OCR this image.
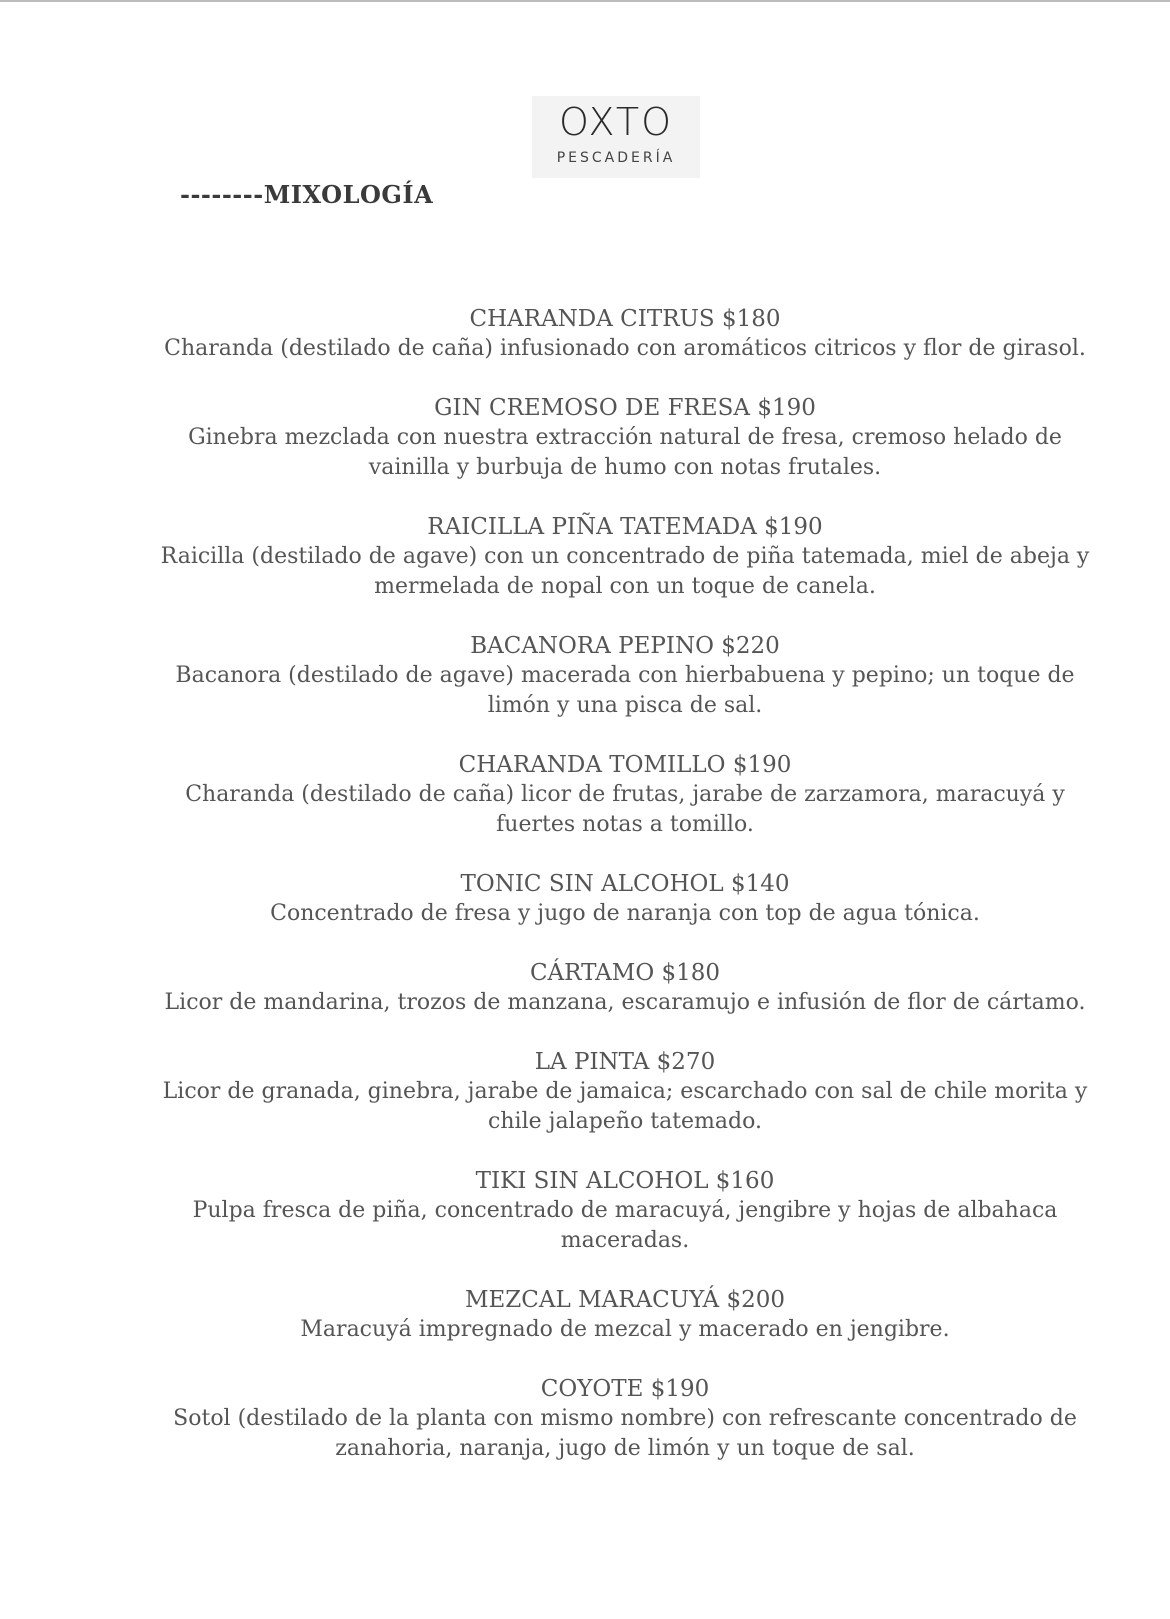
OXTO
PESCADERÍA
--------MIXOLOGÍA
CHARANDA CITRUS $180
Charanda (destilado de caña) infusionado con aromáticos citricos y flor de girasol.
GIN CREMOSO DE FRESA $190
Ginebra mezclada con nuestra extracción natural de fresa, cremoso helado de vainilla y burbuja de humo con notas frutales.
RAICILLA PIÑA TATEMADA $190
Raicilla (destilado de agave) con un concentrado de piña tatemada, miel de abeja y mermelada de nopal con un toque de canela.
BACANORA PEPINO $220
Bacanora (destilado de agave) macerada con hierbabuena y pepino; un toque de limón y una pisca de sal.
CHARANDA TOMILLO $190
Charanda (destilado de caña) licor de frutas, jarabe de zarzamora, maracuyá y fuertes notas a tomillo.
TONIC SIN ALCOHOL $140
Concentrado de fresa y jugo de naranja con top de agua tónica.
CÁRTAMO $180
Licor de mandarina, trozos de manzana, escaramujo e infusión de flor de cártamo.
LA PINTA $270
Licor de granada, ginebra, jarabe de jamaica; escarchado con sal de chile morita y chile jalapeño tatemado.
TIKI SIN ALCOHOL $160
Pulpa fresca de piña, concentrado de maracuyá, jengibre y hojas de albahaca maceradas.
MEZCAL MARACUYÁ $200
Maracuyá impregnado de mezcal y macerado en jengibre.
COYOTE $190
Sotol (destilado de la planta con mismo nombre) con refrescante concentrado de zanahoria, naranja, jugo de limón y un toque de sal.
